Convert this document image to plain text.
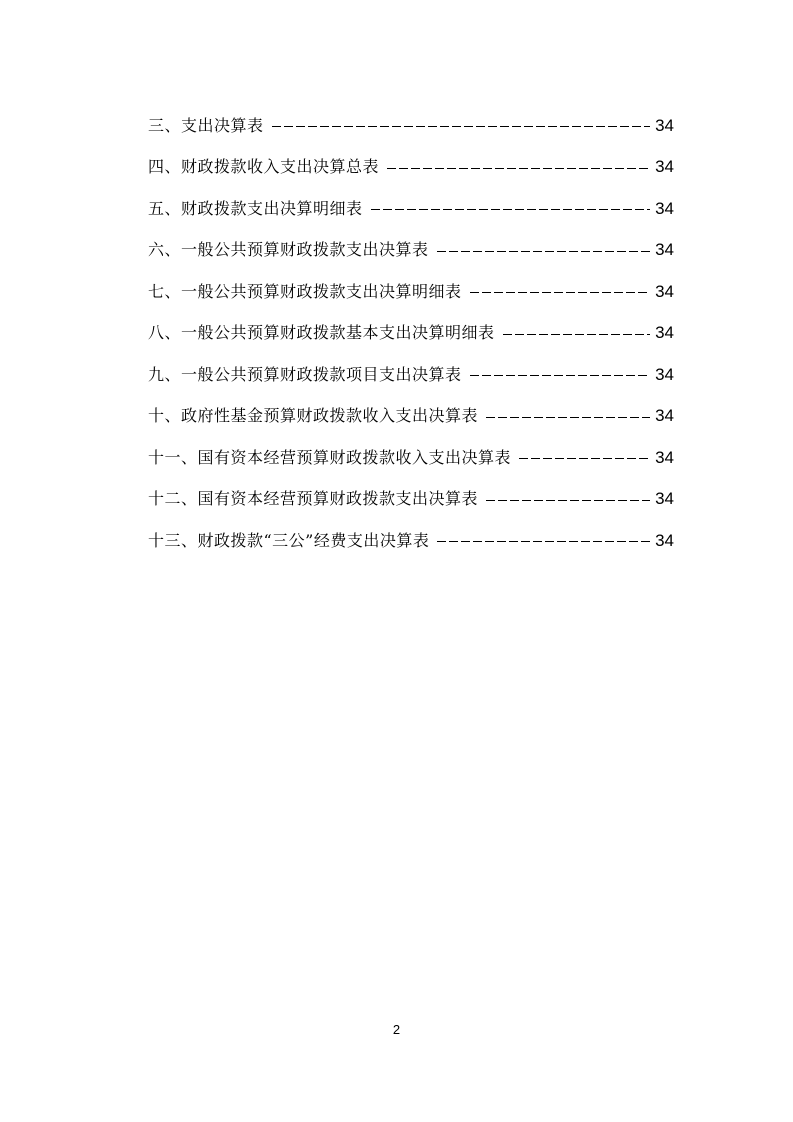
三、支出决算表	34
四、财政拨款收入支出决算总表	34
五、财政拨款支出决算明细表	34
六、一般公共预算财政拨款支出决算表	34
七、一般公共预算财政拨款支出决算明细表	34
八、一般公共预算财政拨款基本支出决算明细表	34
九、一般公共预算财政拨款项目支出决算表	34
十、政府性基金预算财政拨款收入支出决算表	34
十一、国有资本经营预算财政拨款收入支出决算表	34
十二、国有资本经营预算财政拨款支出决算表	34
十三、财政拨款“三公”经费支出决算表	34
2
